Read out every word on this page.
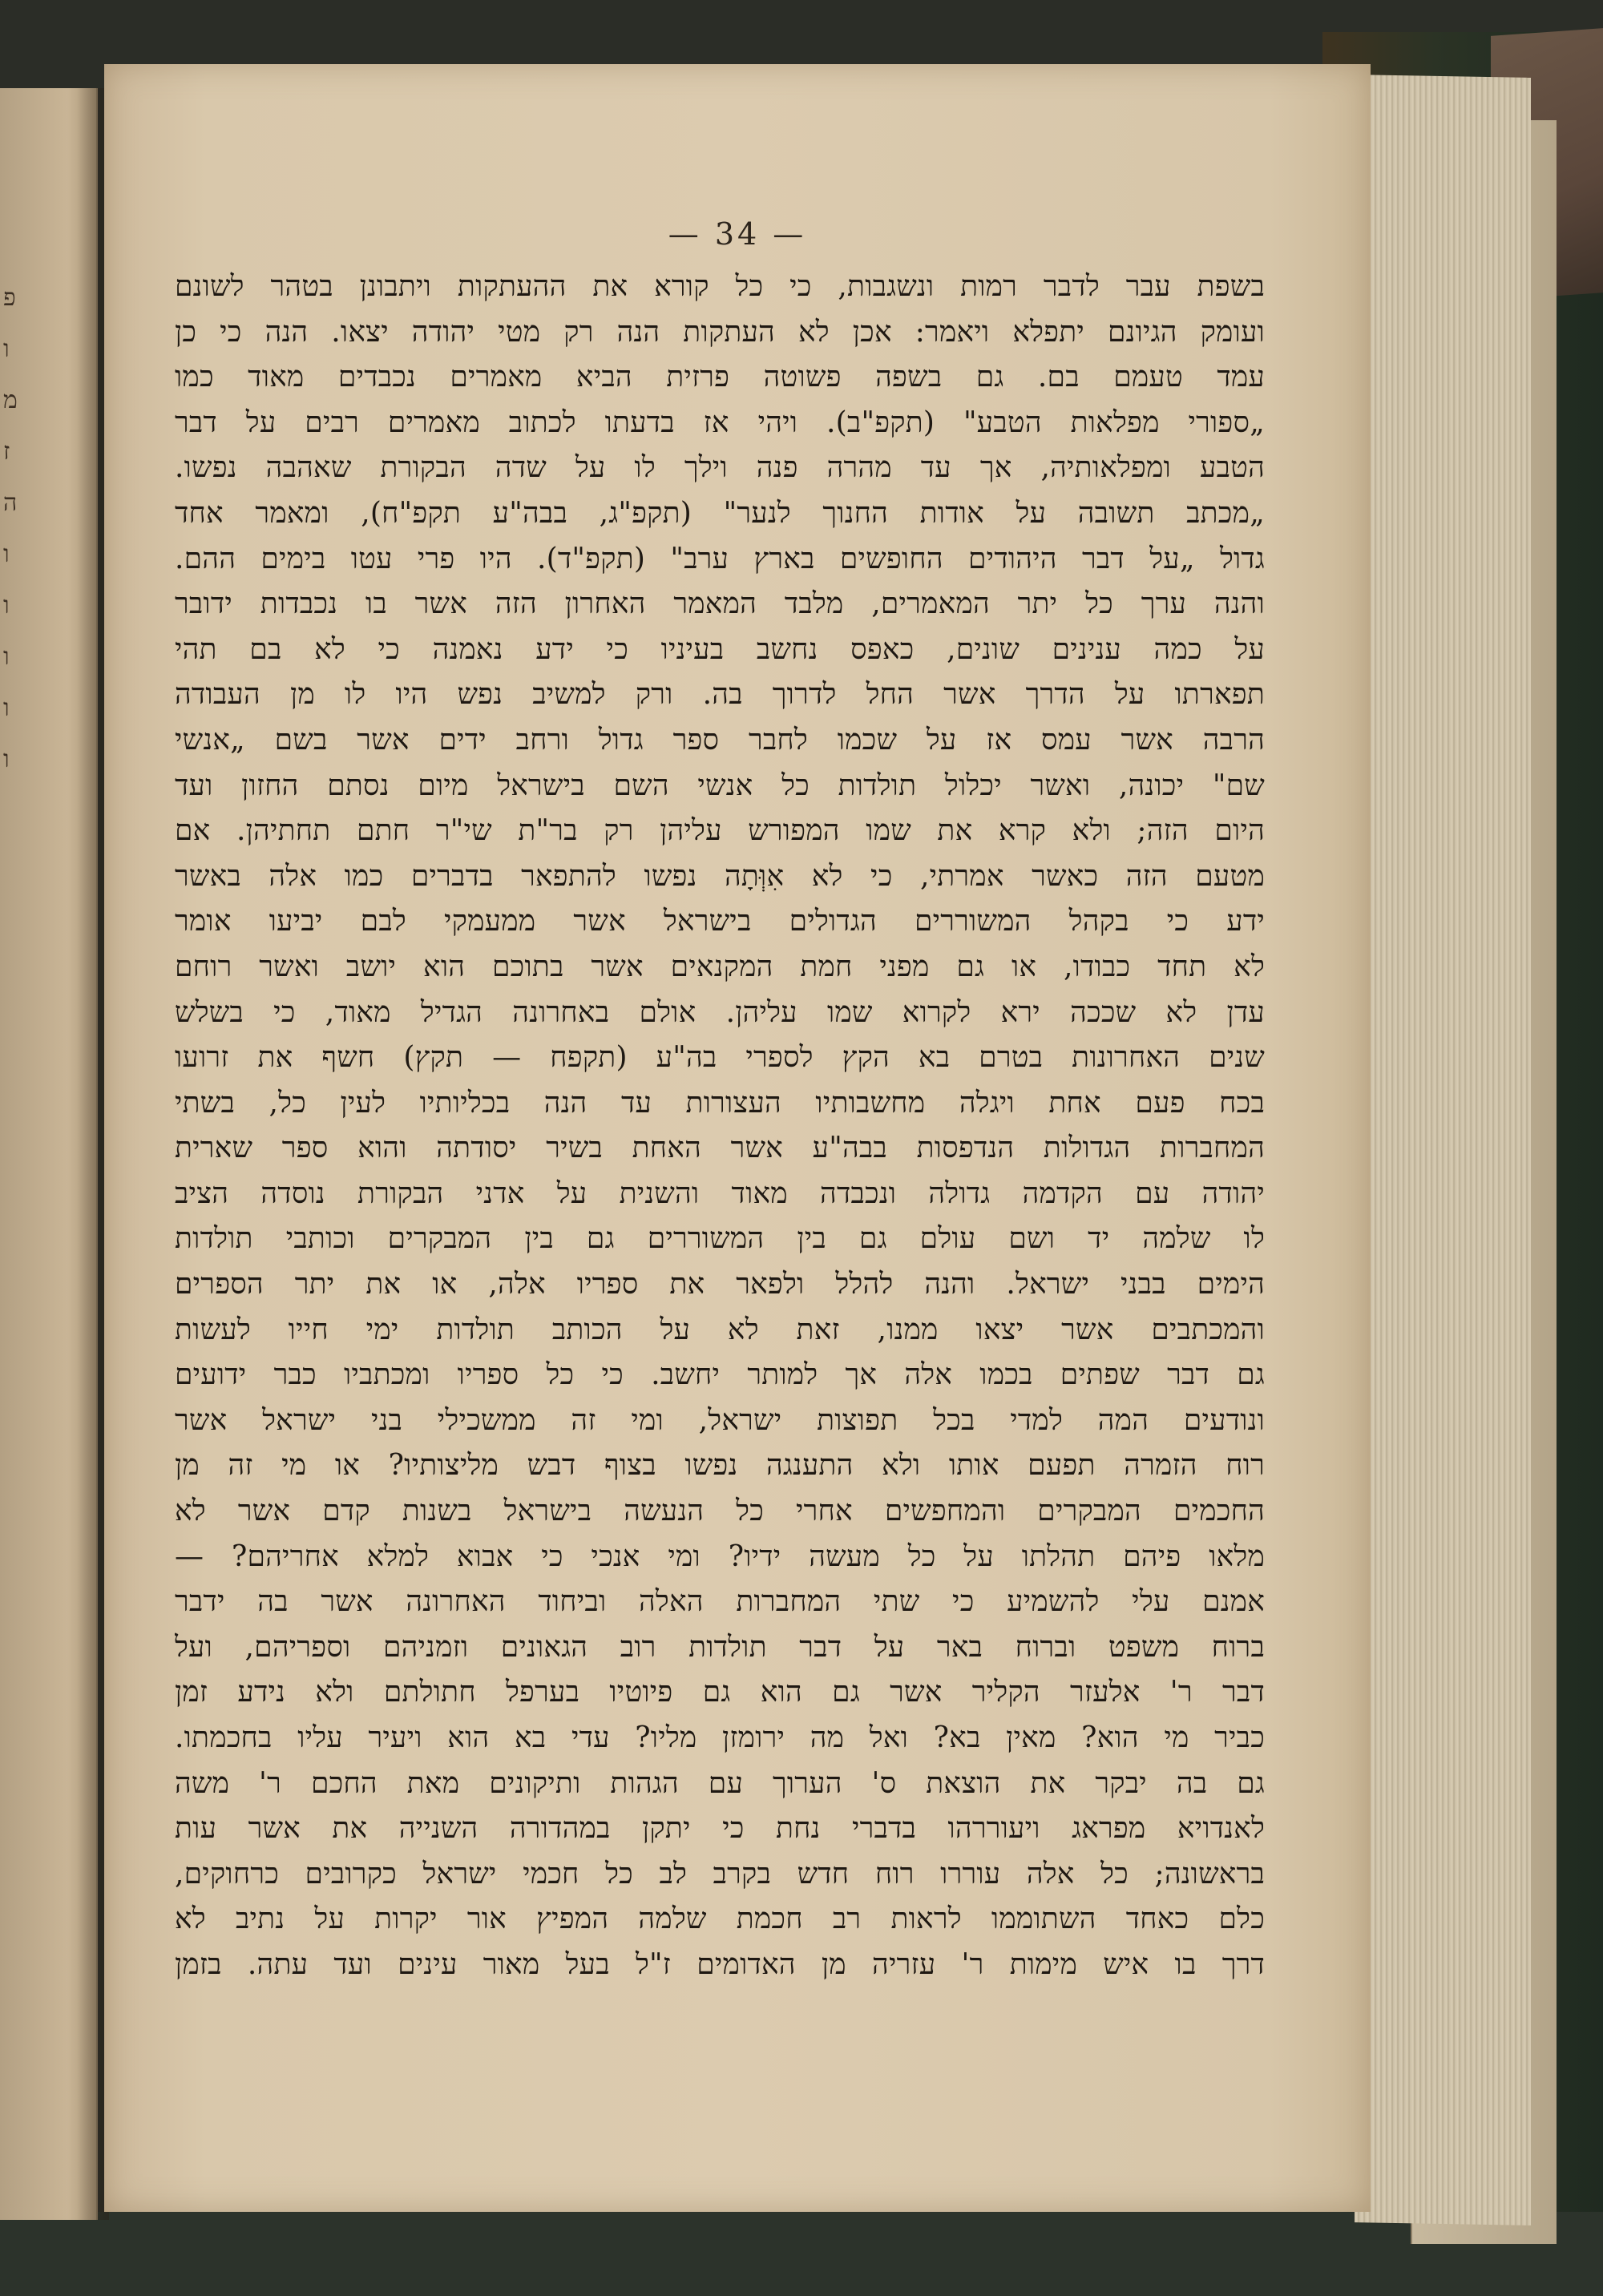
פ
ו
מ
ז
ה
ו
ו
ו
ו
ו
— 34 —
בשפת עבר לדבר רמות ונשגבות, כי כל קורא את ההעתקות ויתבונן בטהר לשונם
ועומק הגיונם יתפלא ויאמר: אכן לא העתקות הנה רק מטי יהודה יצאו. הנה כי כן
עמד טעמם בם. גם בשפה פשוטה פרזית הביא מאמרים נכבדים מאוד כמו
„ספורי מפלאות הטבע" (תקפ"ב). ויהי אז בדעתו לכתוב מאמרים רבים על דבר
הטבע ומפלאותיה, אך עד מהרה פנה וילך לו על שדה הבקורת שאהבה נפשו.
„מכתב תשובה על אודות החנוך לנער" (תקפ"ג, בבה"ע תקפ"ח), ומאמר אחד
גדול „על דבר היהודים החופשים בארץ ערב" (תקפ"ד). היו פרי עטו בימים ההם.
והנה ערך כל יתר המאמרים, מלבד המאמר האחרון הזה אשר בו נכבדות ידובר
על כמה ענינים שונים, כאפס נחשב בעיניו כי ידע נאמנה כי לא בם תהי
תפארתו על הדרך אשר החל לדרוך בה. ורק למשיב נפש היו לו מן העבודה
הרבה אשר עמס אז על שכמו לחבר ספר גדול ורחב ידים אשר בשם „אנשי
שם" יכונה, ואשר יכלול תולדות כל אנשי השם בישראל מיום נסתם החזון ועד
היום הזה; ולא קרא את שמו המפורש עליהן רק בר"ת שי"ר חתם תחתיהן. אם
מטעם הזה כאשר אמרתי, כי לא אִוְּתָה נפשו להתפאר בדברים כמו אלה באשר
ידע כי בקהל המשוררים הגדולים בישראל אשר ממעמקי לבם יביעו אומר
לא תחד כבודו, או גם מפני חמת המקנאים אשר בתוכם הוא יושב ואשר רוחם
עדן לא שככה ירא לקרוא שמו עליהן. אולם באחרונה הגדיל מאוד, כי בשלש
שנים האחרונות בטרם בא הקץ לספרי בה"ע (תקפח — תקץ) חשף את זרועו
בכח פעם אחת ויגלה מחשבותיו העצורות עד הנה בכליותיו לעין כל, בשתי
המחברות הגדולות הנדפסות בבה"ע אשר האחת בשיר יסודתה והוא ספר שארית
יהודה עם הקדמה גדולה ונכבדה מאוד והשנית על אדני הבקורת נוסדה הציב
לו שלמה יד ושם עולם גם בין המשוררים גם בין המבקרים וכותבי תולדות
הימים בבני ישראל. והנה להלל ולפאר את ספריו אלה, או את יתר הספרים
והמכתבים אשר יצאו ממנו, זאת לא על הכותב תולדות ימי חייו לעשות
גם דבר שפתים בכמו אלה אך למותר יחשב. כי כל ספריו ומכתביו כבר ידועים
ונודעים המה למדי בכל תפוצות ישראל, ומי זה ממשכילי בני ישראל אשר
רוח הזמרה תפעם אותו ולא התענגה נפשו בצוף דבש מליצותיו? או מי זה מן
החכמים המבקרים והמחפשים אחרי כל הנעשה בישראל בשנות קדם אשר לא
מלאו פיהם תהלתו על כל מעשה ידיו? ומי אנכי כי אבוא למלא אחריהם? —
אמנם עלי להשמיע כי שתי המחברות האלה וביחוד האחרונה אשר בה ידבר
ברוח משפט וברוח באר על דבר תולדות רוב הגאונים וזמניהם וספריהם, ועל
דבר ר' אלעזר הקליר אשר גם הוא גם פיוטיו בערפל חתולתם ולא נידע זמן
כביר מי הוא? מאין בא? ואל מה ירומזן מליו? עדי בא הוא ויעיר עליו בחכמתו.
גם בה יבקר את הוצאת ס' הערוך עם הגהות ותיקונים מאת החכם ר' משה
לאנדויא מפראג ויעוררהו בדברי נחת כי יתקן במהדורה השנייה את אשר עות
בראשונה; כל אלה עוררו רוח חדש בקרב לב כל חכמי ישראל כקרובים כרחוקים,
כלם כאחד השתוממו לראות רב חכמת שלמה המפיץ אור יקרות על נתיב לא
דרך בו איש מימות ר' עזריה מן האדומים ז"ל בעל מאור עינים ועד עתה. בזמן
